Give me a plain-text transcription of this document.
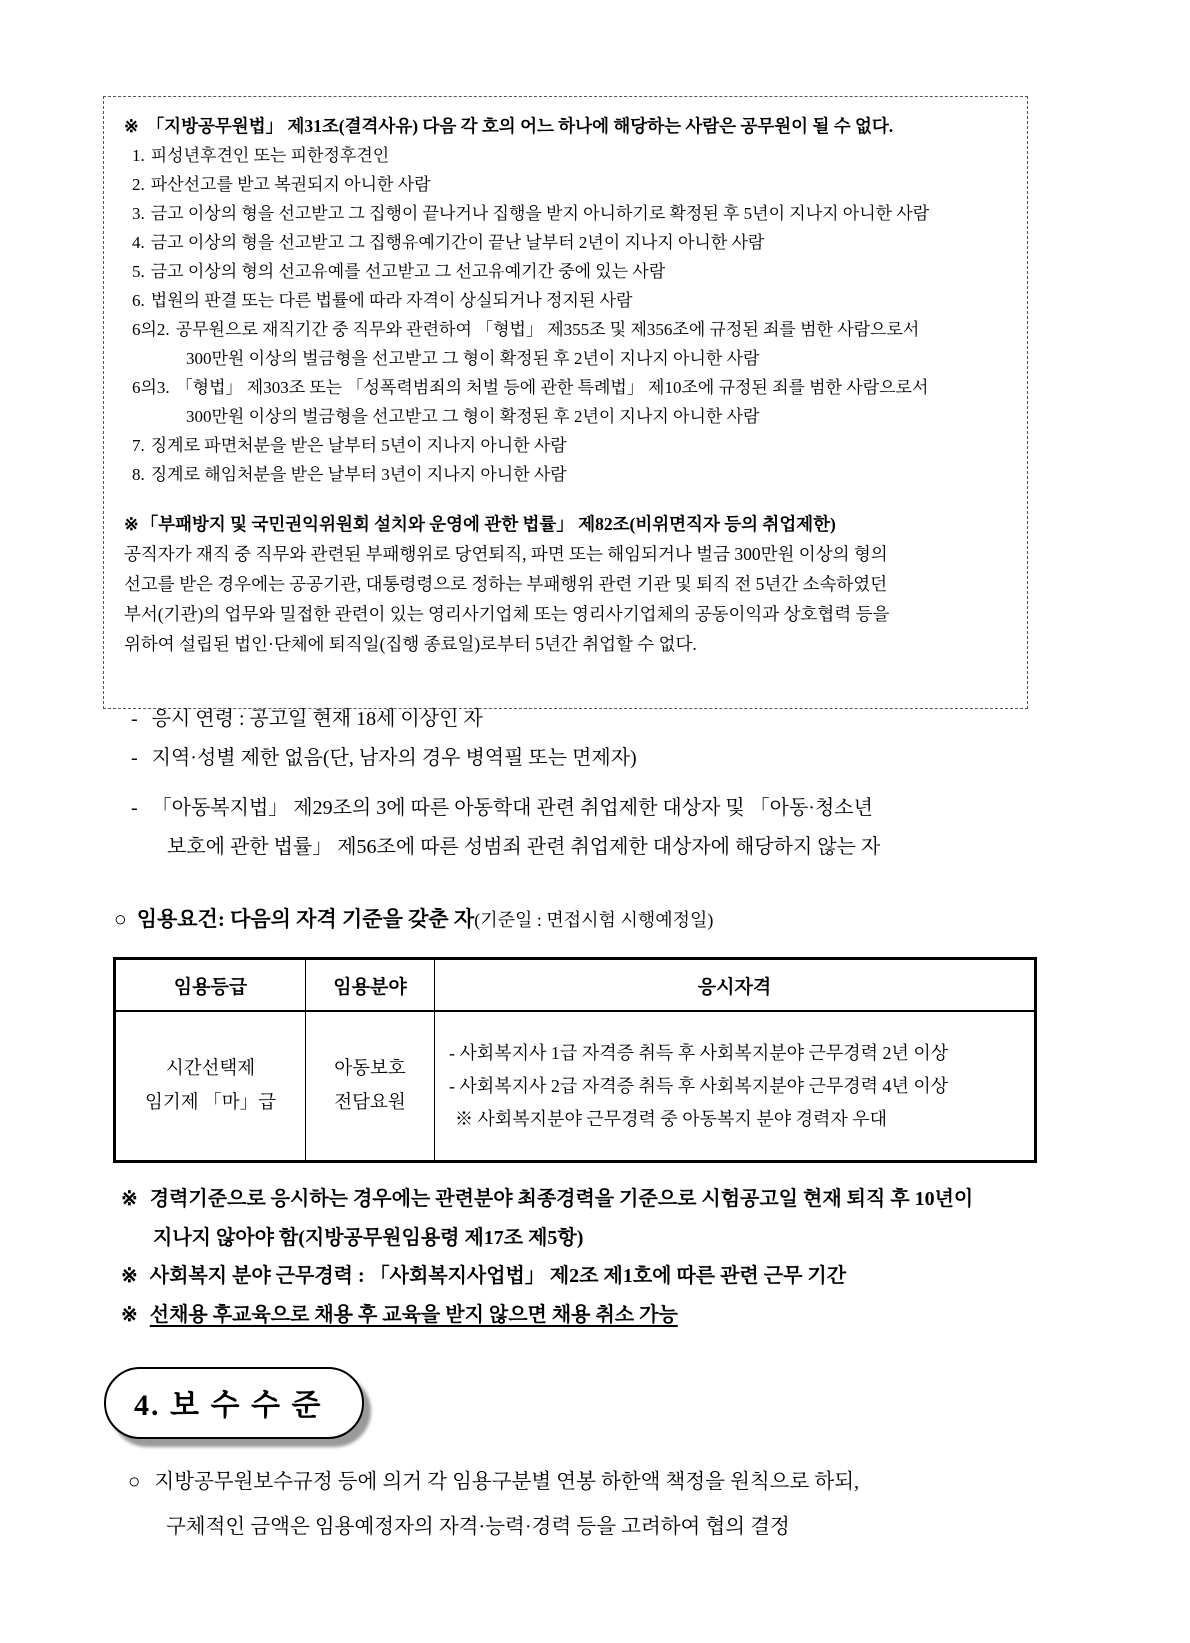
※ 「지방공무원법」 제31조(결격사유) 다음 각 호의 어느 하나에 해당하는 사람은 공무원이 될 수 없다.
1. 피성년후견인 또는 피한정후견인
2. 파산선고를 받고 복권되지 아니한 사람
3. 금고 이상의 형을 선고받고 그 집행이 끝나거나 집행을 받지 아니하기로 확정된 후 5년이 지나지 아니한 사람
4. 금고 이상의 형을 선고받고 그 집행유예기간이 끝난 날부터 2년이 지나지 아니한 사람
5. 금고 이상의 형의 선고유예를 선고받고 그 선고유예기간 중에 있는 사람
6. 법원의 판결 또는 다른 법률에 따라 자격이 상실되거나 정지된 사람
6의2. 공무원으로 재직기간 중 직무와 관련하여 「형법」 제355조 및 제356조에 규정된 죄를 범한 사람으로서
300만원 이상의 벌금형을 선고받고 그 형이 확정된 후 2년이 지나지 아니한 사람
6의3. 「형법」 제303조 또는 「성폭력범죄의 처벌 등에 관한 특례법」 제10조에 규정된 죄를 범한 사람으로서
300만원 이상의 벌금형을 선고받고 그 형이 확정된 후 2년이 지나지 아니한 사람
7. 징계로 파면처분을 받은 날부터 5년이 지나지 아니한 사람
8. 징계로 해임처분을 받은 날부터 3년이 지나지 아니한 사람
※ 「부패방지 및 국민권익위원회 설치와 운영에 관한 법률」 제82조(비위면직자 등의 취업제한)
공직자가 재직 중 직무와 관련된 부패행위로 당연퇴직, 파면 또는 해임되거나 벌금 300만원 이상의 형의
선고를 받은 경우에는 공공기관, 대통령령으로 정하는 부패행위 관련 기관 및 퇴직 전 5년간 소속하였던
부서(기관)의 업무와 밀접한 관련이 있는 영리사기업체 또는 영리사기업체의 공동이익과 상호협력 등을
위하여 설립된 법인·단체에 퇴직일(집행 종료일)로부터 5년간 취업할 수 없다.
- 응시 연령 : 공고일 현재 18세 이상인 자
- 지역·성별 제한 없음(단, 남자의 경우 병역필 또는 면제자)
- 「아동복지법」 제29조의 3에 따른 아동학대 관련 취업제한 대상자 및 「아동·청소년
보호에 관한 법률」 제56조에 따른 성범죄 관련 취업제한 대상자에 해당하지 않는 자
○ 임용요건: 다음의 자격 기준을 갖춘 자(기준일 : 면접시험 시행예정일)
임용등급	임용분야	응시자격

시간선택제
임기제 「마」급

아동보호
전담요원

- 사회복지사 1급 자격증 취득 후 사회복지분야 근무경력 2년 이상
- 사회복지사 2급 자격증 취득 후 사회복지분야 근무경력 4년 이상
※ 사회복지분야 근무경력 중 아동복지 분야 경력자 우대
※ 경력기준으로 응시하는 경우에는 관련분야 최종경력을 기준으로 시험공고일 현재 퇴직 후 10년이
지나지 않아야 함(지방공무원임용령 제17조 제5항)
※ 사회복지 분야 근무경력 : 「사회복지사업법」 제2조 제1호에 따른 관련 근무 기간
※ 선채용 후교육으로 채용 후 교육을 받지 않으면 채용 취소 가능
4. 보 수 수 준
○ 지방공무원보수규정 등에 의거 각 임용구분별 연봉 하한액 책정을 원칙으로 하되,
구체적인 금액은 임용예정자의 자격·능력·경력 등을 고려하여 협의 결정
